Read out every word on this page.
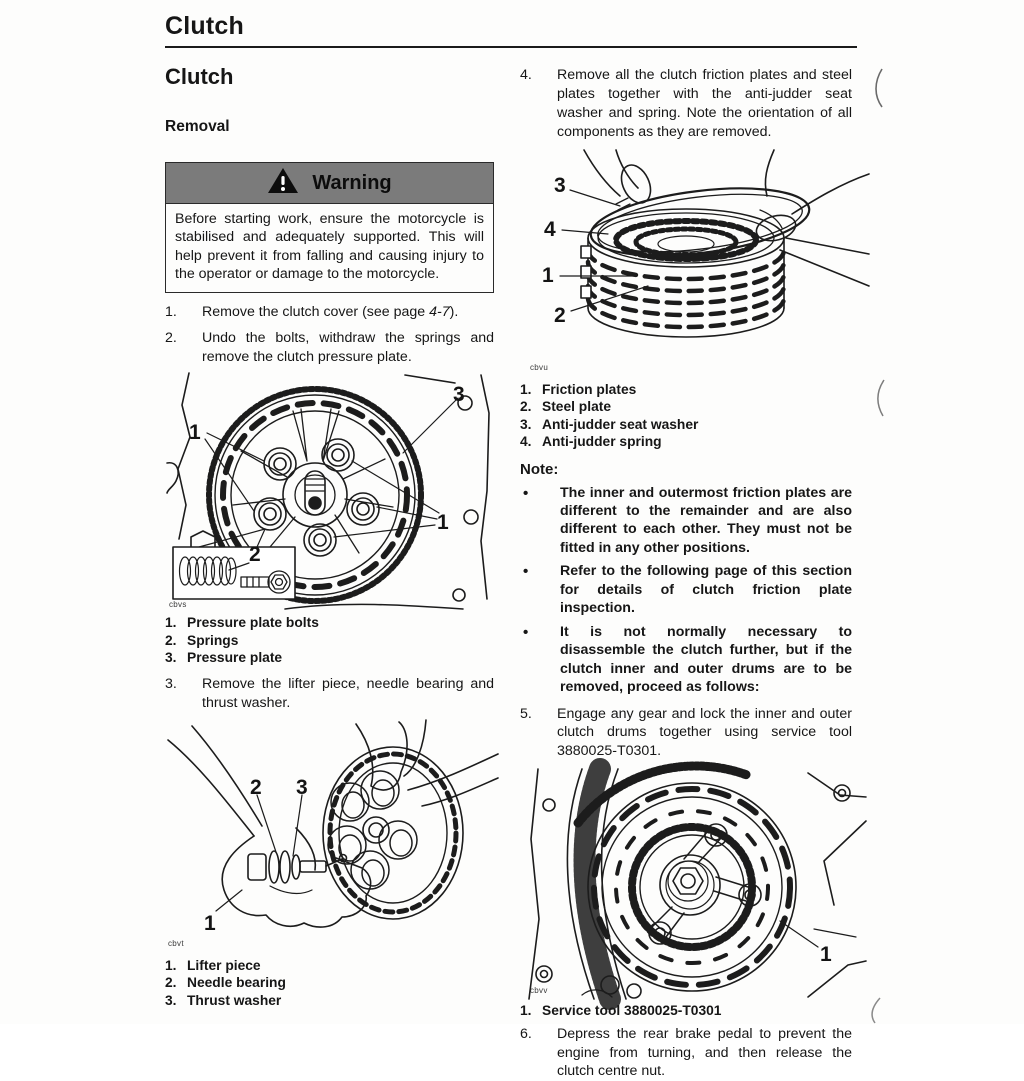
Clutch
Clutch
Removal
Warning
Before starting work, ensure the motorcycle is stabilised and adequately supported. This will help prevent it from falling and causing injury to the operator or damage to the motorcycle.
1.	Remove the clutch cover (see page 4-7).
2.	Undo the bolts, withdraw the springs and remove the clutch pressure plate.
1
3
1
2
cbvs
1. Pressure plate bolts
2. Springs
3. Pressure plate
3.	Remove the lifter piece, needle bearing and thrust washer.
2 3
1
cbvt
1. Lifter piece
2. Needle bearing
3. Thrust washer
4.	Remove all the clutch friction plates and steel plates together with the anti-judder seat washer and spring. Note the orientation of all components as they are removed.
3
4
1
2
cbvu
1. Friction plates
2. Steel plate
3. Anti-judder seat washer
4. Anti-judder spring
Note:
•	The inner and outermost friction plates are different to the remainder and are also different to each other. They must not be fitted in any other positions.
•	Refer to the following page of this section for details of clutch friction plate inspection.
•	It is not normally necessary to disassemble the clutch further, but if the clutch inner and outer drums are to be removed, proceed as follows:
5.	Engage any gear and lock the inner and outer clutch drums together using service tool 3880025-T0301.
1
cbvv
1. Service tool 3880025-T0301
6.	Depress the rear brake pedal to prevent the engine from turning, and then release the clutch centre nut.
